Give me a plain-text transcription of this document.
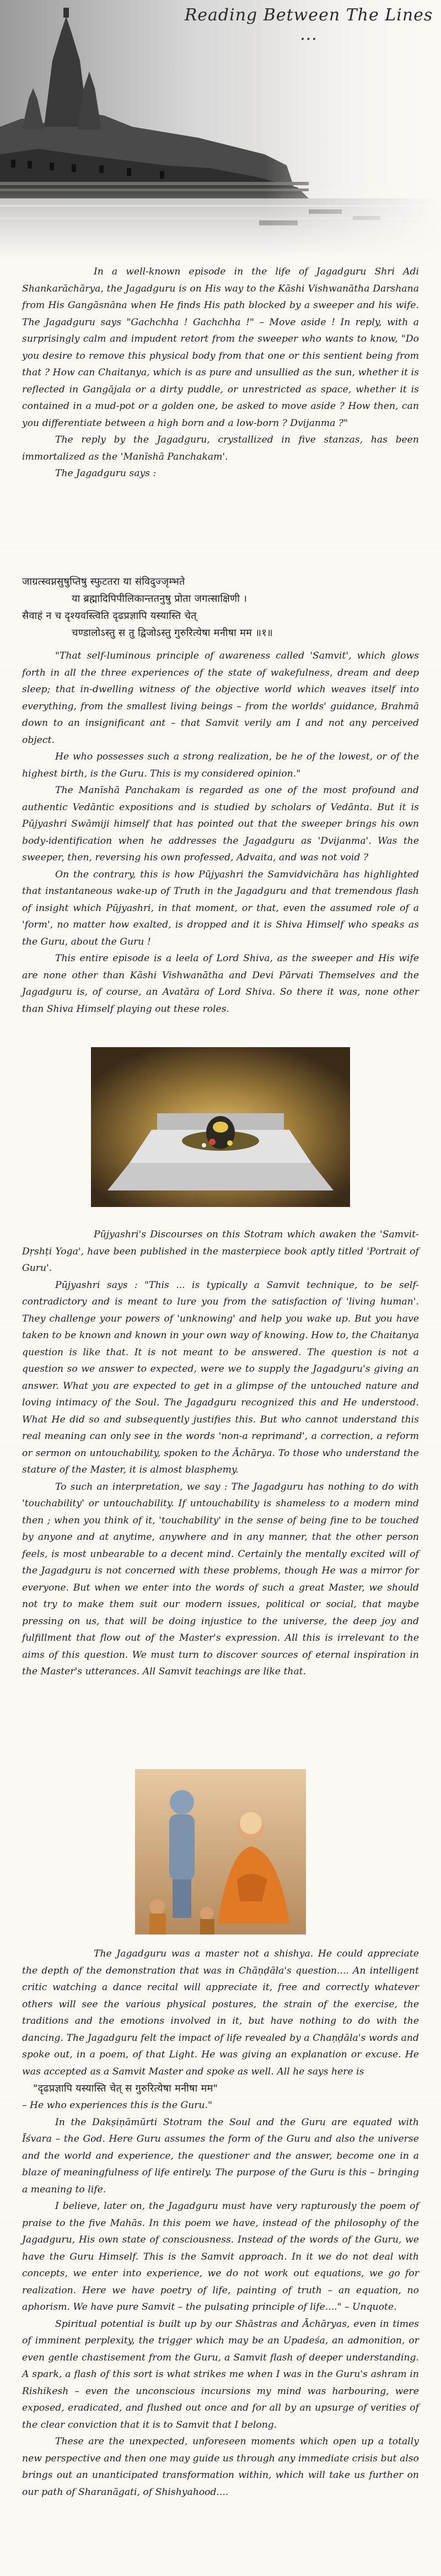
Reading Between The Lines ...

In a well-known episode in the life of Jagadguru Shri Adi Shankarāchārya, the Jagadguru is on His way to the Kāshi Vishwanātha Darshana from His Gangāsnāna when He finds His path blocked by a sweeper and his wife. The Jagadguru says "Gachchha ! Gachchha !" – Move aside ! In reply, with a surprisingly calm and impudent retort from the sweeper who wants to know, "Do you desire to remove this physical body from that one or this sentient being from that ? How can Chaitanya, which is as pure and unsullied as the sun, whether it is reflected in Gangājala or a dirty puddle, or unrestricted as space, whether it is contained in a mud-pot or a golden one, be asked to move aside ? How then, can you differentiate between a high born and a low-born ? Dvijanma ?"

The reply by the Jagadguru, crystallized in five stanzas, has been immortalized as the 'Manīshā Panchakam'.

The Jagadguru says :

जाग्रत्स्वप्नसुषुप्तिषु स्फुटतरा या संविदुज्जृम्भते

या ब्रह्मादिपिपीलिकान्ततनुषु प्रोता जगत्साक्षिणी ।

सैवाहं न च दृश्यवस्त्विति दृढप्रज्ञापि यस्यास्ति चेत्

चण्डालोऽस्तु स तु द्विजोऽस्तु गुरुरित्येषा मनीषा मम ॥१॥

"That self-luminous principle of awareness called 'Samvit', which glows forth in all the three experiences of the state of wakefulness, dream and deep sleep; that in-dwelling witness of the objective world which weaves itself into everything, from the smallest living beings – from the worlds' guidance, Brahmā down to an insignificant ant – that Samvit verily am I and not any perceived object.

He who possesses such a strong realization, be he of the lowest, or of the highest birth, is the Guru. This is my considered opinion."

The Manīshā Panchakam is regarded as one of the most profound and authentic Vedāntic expositions and is studied by scholars of Vedānta. But it is Pūjyashri Swāmiji himself that has pointed out that the sweeper brings his own body-identification when he addresses the Jagadguru as 'Dvijanma'. Was the sweeper, then, reversing his own professed, Advaita, and was not void ?

On the contrary, this is how Pūjyashri the Samvidvichāra has highlighted that instantaneous wake-up of Truth in the Jagadguru and that tremendous flash of insight which Pūjyashri, in that moment, or that, even the assumed role of a 'form', no matter how exalted, is dropped and it is Shiva Himself who speaks as the Guru, about the Guru !

This entire episode is a leela of Lord Shiva, as the sweeper and His wife are none other than Kāshi Vishwanātha and Devi Pārvati Themselves and the Jagadguru is, of course, an Avatāra of Lord Shiva. So there it was, none other than Shiva Himself playing out these roles.

Pūjyashri's Discourses on this Stotram which awaken the 'Samvit-Dṛshṭi Yoga', have been published in the masterpiece book aptly titled 'Portrait of Guru'.

Pūjyashri says : "This ... is typically a Samvit technique, to be self-contradictory and is meant to lure you from the satisfaction of 'living human'. They challenge your powers of 'unknowing' and help you wake up. But you have taken to be known and known in your own way of knowing. How to, the Chaitanya question is like that. It is not meant to be answered. The question is not a question so we answer to expected, were we to supply the Jagadguru's giving an answer. What you are expected to get in a glimpse of the untouched nature and loving intimacy of the Soul. The Jagadguru recognized this and He understood. What He did so and subsequently justifies this. But who cannot understand this real meaning can only see in the words 'non-a reprimand', a correction, a reform or sermon on untouchability, spoken to the Āchārya. To those who understand the stature of the Master, it is almost blasphemy.

To such an interpretation, we say : The Jagadguru has nothing to do with 'touchability' or untouchability. If untouchability is shameless to a modern mind then ; when you think of it, 'touchability' in the sense of being fine to be touched by anyone and at anytime, anywhere and in any manner, that the other person feels, is most unbearable to a decent mind. Certainly the mentally excited will of the Jagadguru is not concerned with these problems, though He was a mirror for everyone. But when we enter into the words of such a great Master, we should not try to make them suit our modern issues, political or social, that maybe pressing on us, that will be doing injustice to the universe, the deep joy and fulfillment that flow out of the Master's expression. All this is irrelevant to the aims of this question. We must turn to discover sources of eternal inspiration in the Master's utterances. All Samvit teachings are like that.

The Jagadguru was a master not a shishya. He could appreciate the depth of the demonstration that was in Chāṇḍāla's question.... An intelligent critic watching a dance recital will appreciate it, free and correctly whatever others will see the various physical postures, the strain of the exercise, the traditions and the emotions involved in it, but have nothing to do with the dancing. The Jagadguru felt the impact of life revealed by a Chaṇḍāla's words and spoke out, in a poem, of that Light. He was giving an explanation or excuse. He was accepted as a Samvit Master and spoke as well. All he says here is

"दृढप्रज्ञापि यस्यास्ति चेत् स गुरुरित्येषा मनीषा मम"

– He who experiences this is the Guru."

In the Dakṣiṇāmūrti Stotram the Soul and the Guru are equated with Īśvara – the God. Here Guru assumes the form of the Guru and also the universe and the world and experience, the questioner and the answer, become one in a blaze of meaningfulness of life entirely. The purpose of the Guru is this – bringing a meaning to life.

I believe, later on, the Jagadguru must have very rapturously the poem of praise to the five Mahās. In this poem we have, instead of the philosophy of the Jagadguru, His own state of consciousness. Instead of the words of the Guru, we have the Guru Himself. This is the Samvit approach. In it we do not deal with concepts, we enter into experience, we do not work out equations, we go for realization. Here we have poetry of life, painting of truth – an equation, no aphorism. We have pure Samvit – the pulsating principle of life...." – Unquote.

Spiritual potential is built up by our Shāstras and Āchāryas, even in times of imminent perplexity, the trigger which may be an Upadeśa, an admonition, or even gentle chastisement from the Guru, a Samvit flash of deeper understanding. A spark, a flash of this sort is what strikes me when I was in the Guru's ashram in Rishikesh – even the unconscious incursions my mind was harbouring, were exposed, eradicated, and flushed out once and for all by an upsurge of verities of the clear conviction that it is to Samvit that I belong.

These are the unexpected, unforeseen moments which open up a totally new perspective and then one may guide us through any immediate crisis but also brings out an unanticipated transformation within, which will take us further on our path of Sharanāgati, of Shishyahood....
